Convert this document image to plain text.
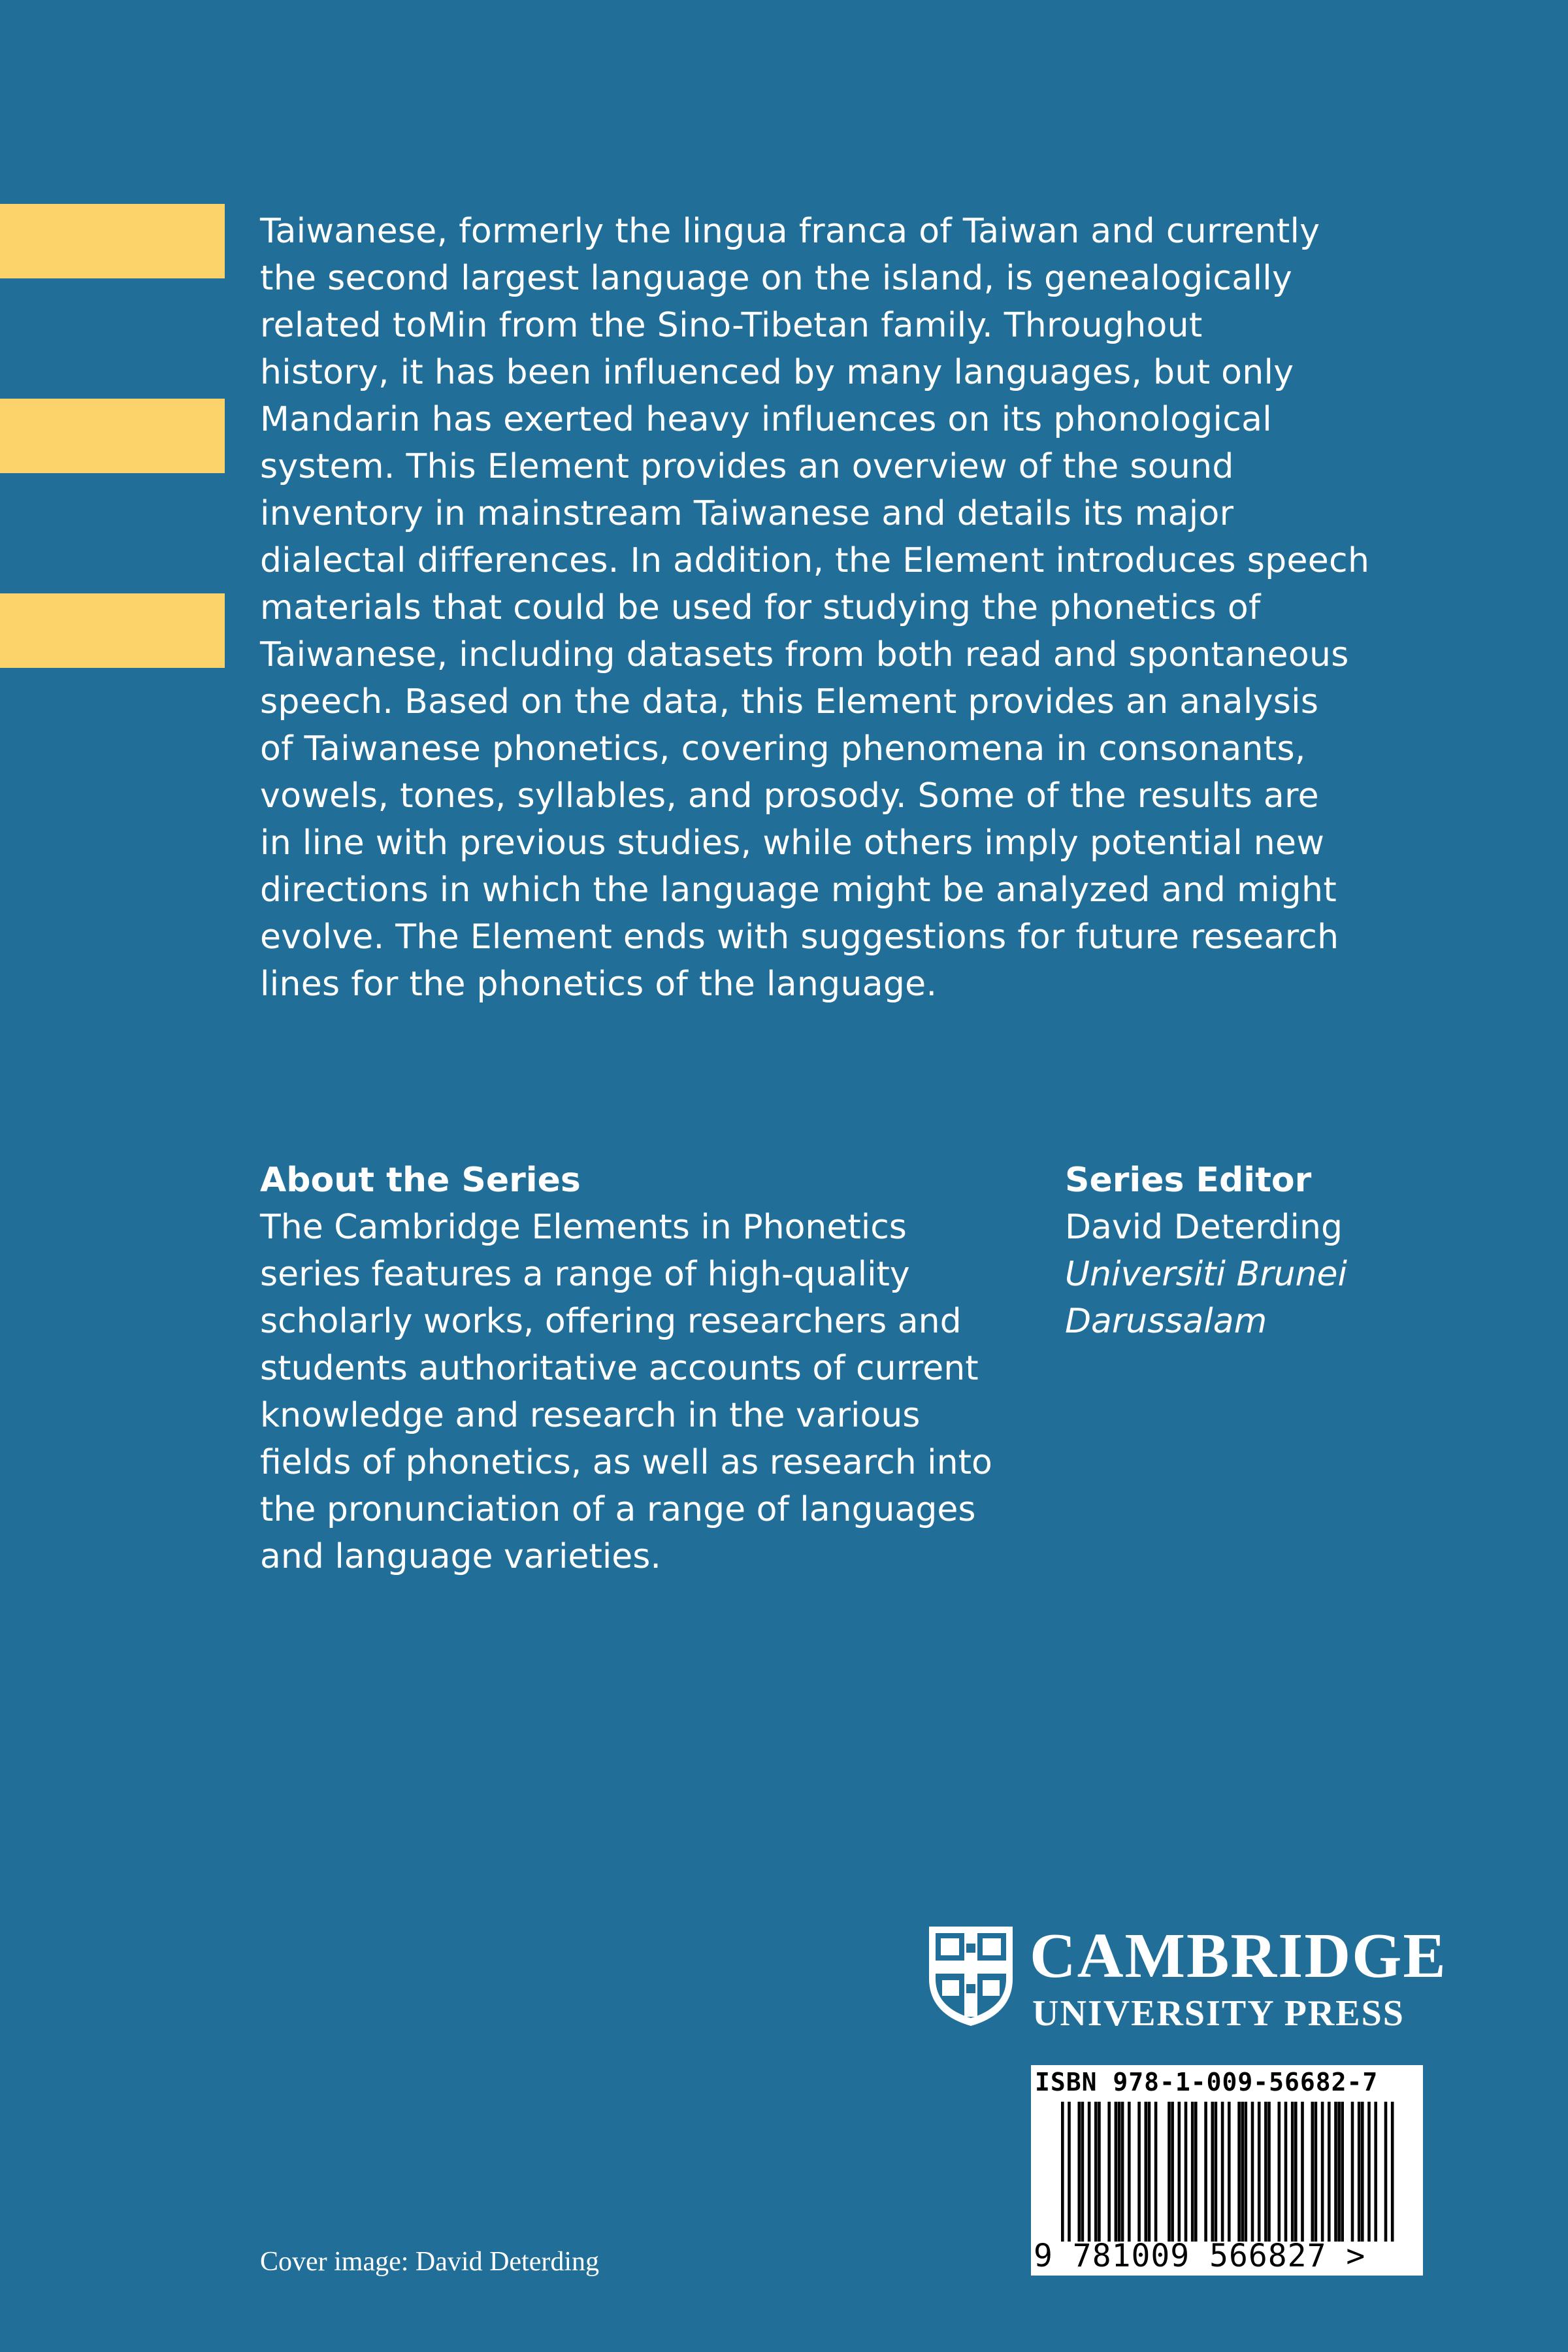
Taiwanese, formerly the lingua franca of Taiwan and currently
the second largest language on the island, is genealogically
related toMin from the Sino-Tibetan family. Throughout
history, it has been influenced by many languages, but only
Mandarin has exerted heavy influences on its phonological
system. This Element provides an overview of the sound
inventory in mainstream Taiwanese and details its major
dialectal differences. In addition, the Element introduces speech
materials that could be used for studying the phonetics of
Taiwanese, including datasets from both read and spontaneous
speech. Based on the data, this Element provides an analysis
of Taiwanese phonetics, covering phenomena in consonants,
vowels, tones, syllables, and prosody. Some of the results are
in line with previous studies, while others imply potential new
directions in which the language might be analyzed and might
evolve. The Element ends with suggestions for future research
lines for the phonetics of the language.

About the Series

The Cambridge Elements in Phonetics
series features a range of high-quality
scholarly works, offering researchers and
students authoritative accounts of current
knowledge and research in the various
fields of phonetics, as well as research into
the pronunciation of a range of languages
and language varieties.

Series Editor

David Deterding

Universiti Brunei

Darussalam

CAMBRIDGE

UNIVERSITY PRESS

ISBN 978-1-009-56682-7

9 781009 566827 >

Cover image: David Deterding
